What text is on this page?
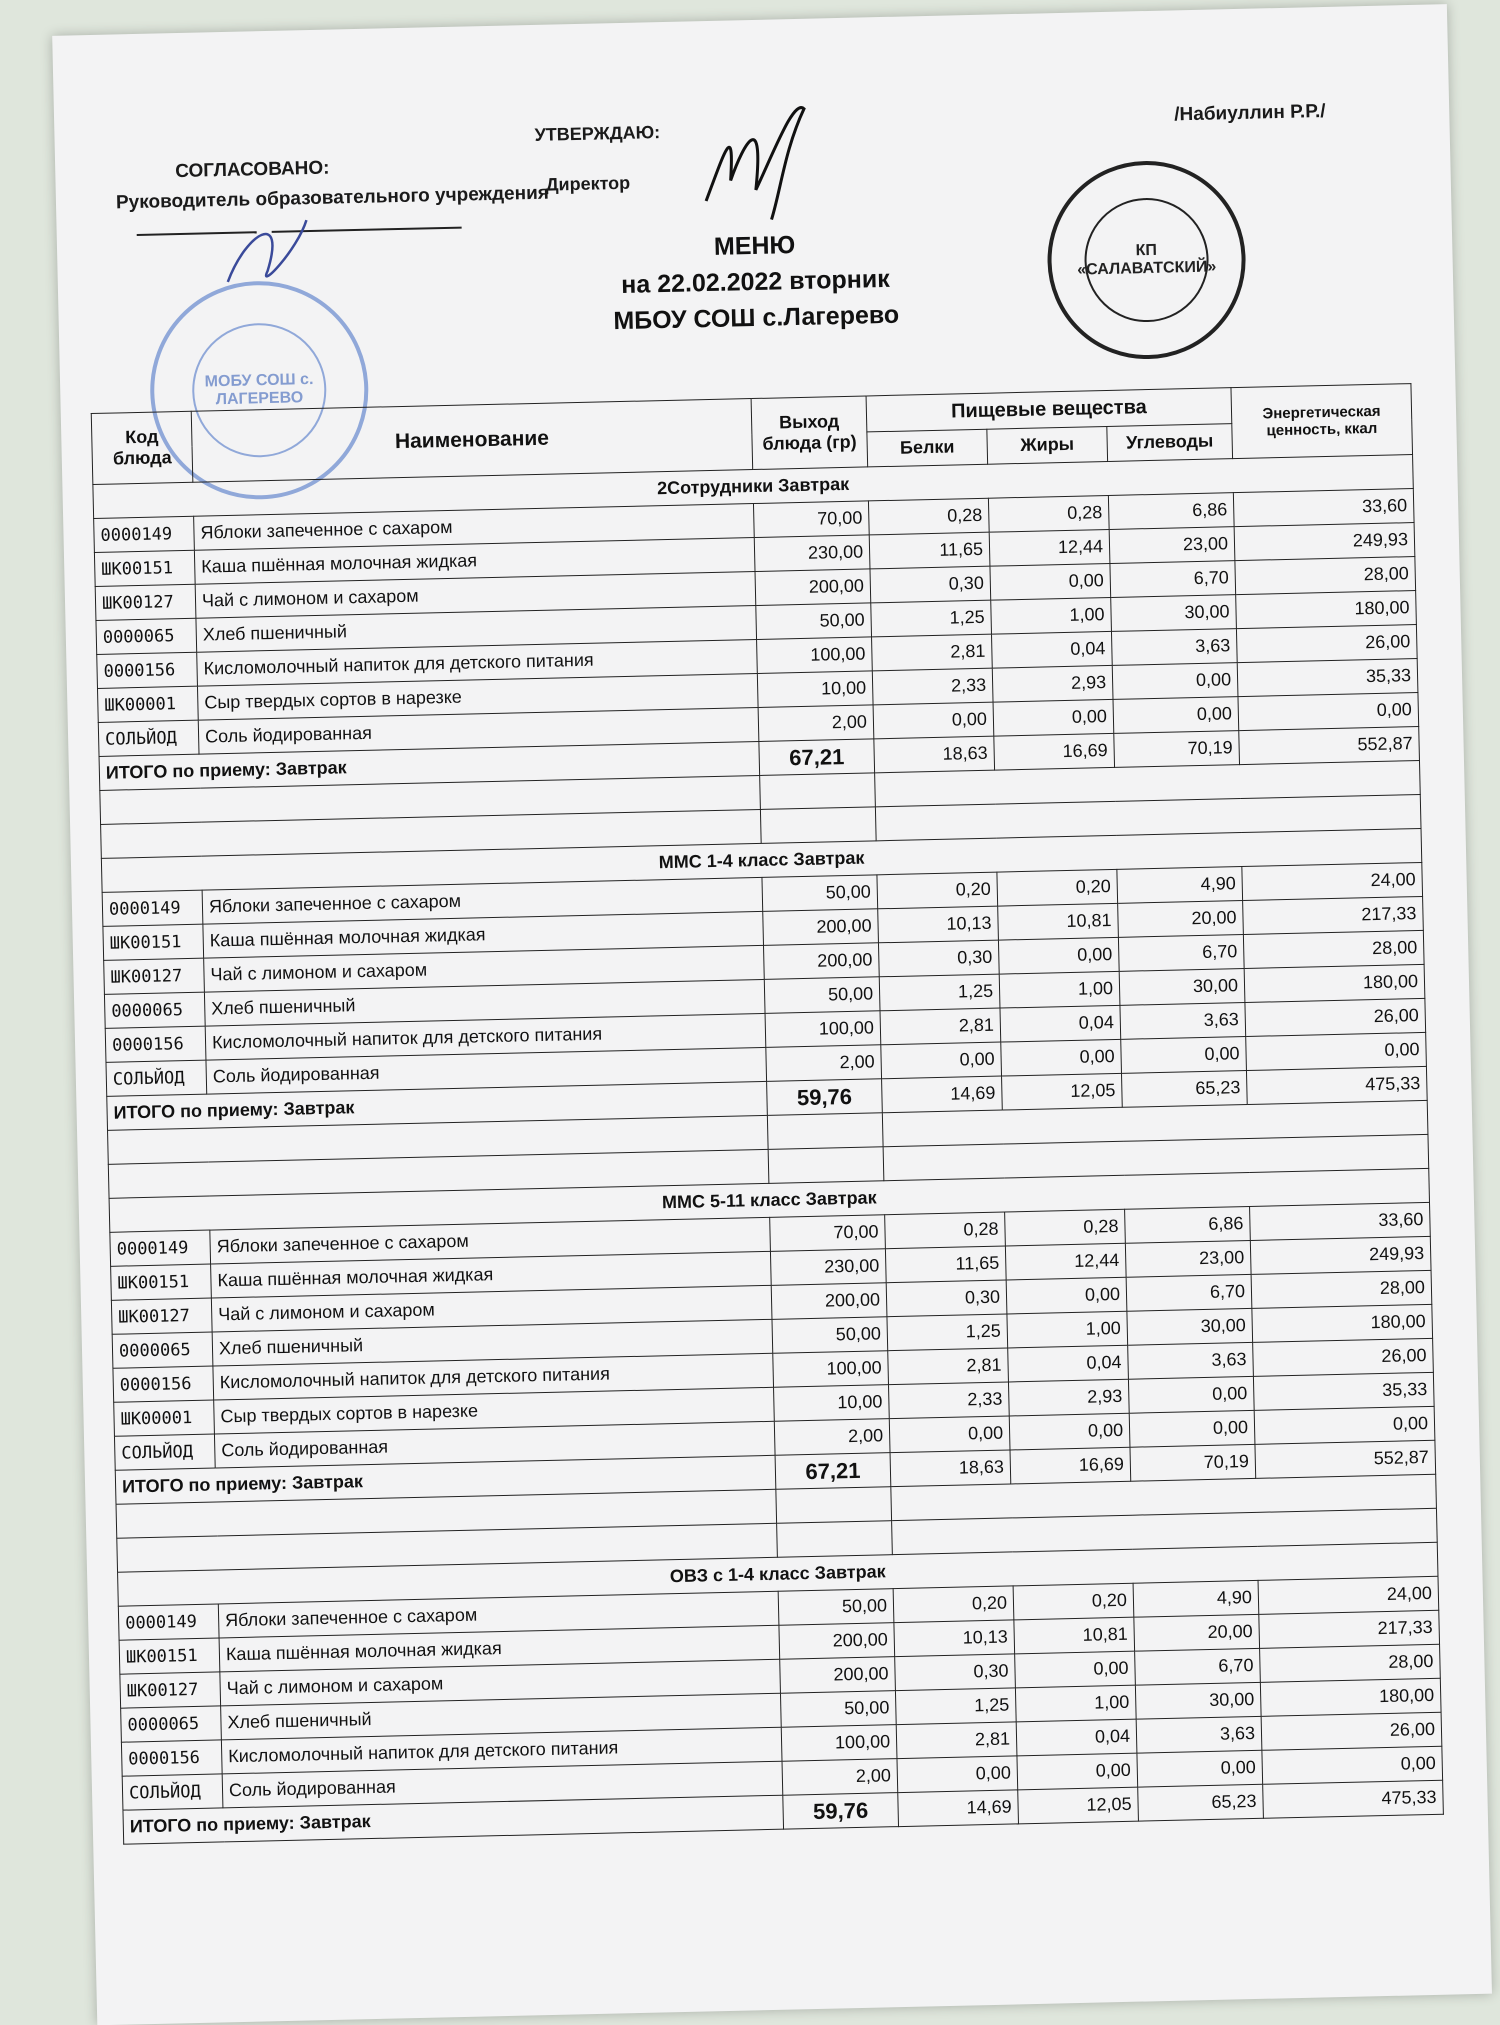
СОГЛАСОВАНО:
Руководитель образовательного учреждения
УТВЕРЖДАЮ:
Директор
/Набиуллин Р.Р./
МОБУ СОШ с. ЛАГЕРЕВО
КП
«САЛАВАТСКИЙ»
МЕНЮ
на 22.02.2022 вторник
МБОУ СОШ с.Лагерево
Код блюда	Наименование	Выход блюда (гр)	Пищевые вещества			Энергетическая ценность, ккал
			Белки	Жиры	Углеводы	
2Сотрудники Завтрак						
0000149	Яблоки запеченное с сахаром	70,00	0,28	0,28	6,86	33,60
ШК00151	Каша пшённая молочная жидкая	230,00	11,65	12,44	23,00	249,93
ШК00127	Чай с лимоном и сахаром	200,00	0,30	0,00	6,70	28,00
0000065	Хлеб пшеничный	50,00	1,25	1,00	30,00	180,00
0000156	Кисломолочный напиток для детского питания	100,00	2,81	0,04	3,63	26,00
ШК00001	Сыр твердых сортов в нарезке	10,00	2,33	2,93	0,00	35,33
СОЛЬЙОД	Соль йодированная	2,00	0,00	0,00	0,00	0,00
ИТОГО по приему: Завтрак		67,21	18,63	16,69	70,19	552,87

ММС 1-4 класс Завтрак						
0000149	Яблоки запеченное с сахаром	50,00	0,20	0,20	4,90	24,00
ШК00151	Каша пшённая молочная жидкая	200,00	10,13	10,81	20,00	217,33
ШК00127	Чай с лимоном и сахаром	200,00	0,30	0,00	6,70	28,00
0000065	Хлеб пшеничный	50,00	1,25	1,00	30,00	180,00
0000156	Кисломолочный напиток для детского питания	100,00	2,81	0,04	3,63	26,00
СОЛЬЙОД	Соль йодированная	2,00	0,00	0,00	0,00	0,00
ИТОГО по приему: Завтрак		59,76	14,69	12,05	65,23	475,33

ММС 5-11 класс Завтрак						
0000149	Яблоки запеченное с сахаром	70,00	0,28	0,28	6,86	33,60
ШК00151	Каша пшённая молочная жидкая	230,00	11,65	12,44	23,00	249,93
ШК00127	Чай с лимоном и сахаром	200,00	0,30	0,00	6,70	28,00
0000065	Хлеб пшеничный	50,00	1,25	1,00	30,00	180,00
0000156	Кисломолочный напиток для детского питания	100,00	2,81	0,04	3,63	26,00
ШК00001	Сыр твердых сортов в нарезке	10,00	2,33	2,93	0,00	35,33
СОЛЬЙОД	Соль йодированная	2,00	0,00	0,00	0,00	0,00
ИТОГО по приему: Завтрак		67,21	18,63	16,69	70,19	552,87

ОВЗ с 1-4 класс Завтрак						
0000149	Яблоки запеченное с сахаром	50,00	0,20	0,20	4,90	24,00
ШК00151	Каша пшённая молочная жидкая	200,00	10,13	10,81	20,00	217,33
ШК00127	Чай с лимоном и сахаром	200,00	0,30	0,00	6,70	28,00
0000065	Хлеб пшеничный	50,00	1,25	1,00	30,00	180,00
0000156	Кисломолочный напиток для детского питания	100,00	2,81	0,04	3,63	26,00
СОЛЬЙОД	Соль йодированная	2,00	0,00	0,00	0,00	0,00
ИТОГО по приему: Завтрак		59,76	14,69	12,05	65,23	475,33
